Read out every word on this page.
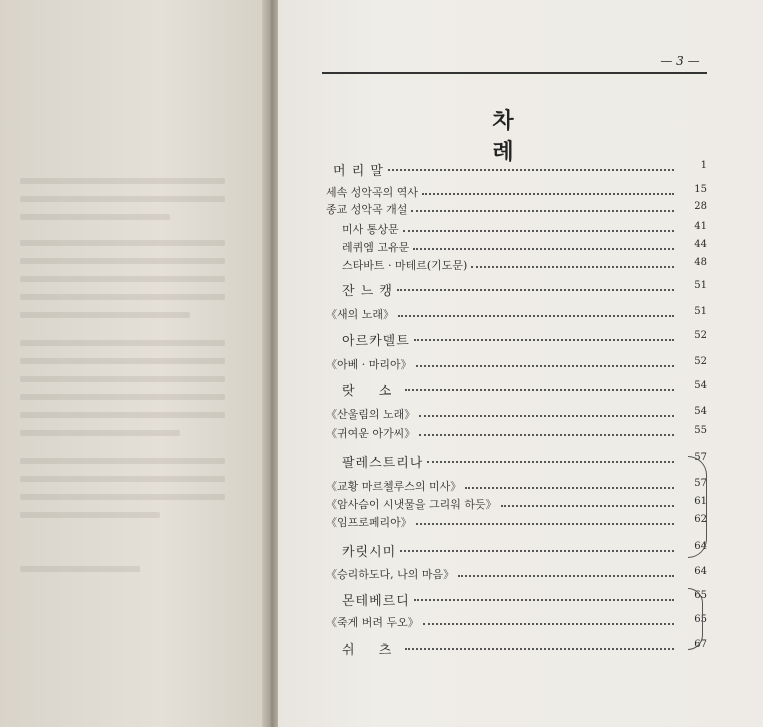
— 3 —
차 례
머 리 말	1
세속 성악곡의 역사	15
종교 성악곡 개설	28
미사 통상문	41
레퀴엠 고유문	44
스타바트 · 마테르(기도문)	48
잔 느 캥	51
《새의 노래》	51
아르카델트	52
《아베 · 마리아》	52
랏 소	54
《산울림의 노래》	54
《귀여운 아가씨》	55
팔레스트리나	57
《교황 마르첼루스의 미사》	57
《암사슴이 시냇물을 그리워 하듯》	61
《임프로페리아》	62
카릿시미	64
《승리하도다, 나의 마음》	64
몬테베르디	65
《죽게 버려 두오》	65
쉬 츠	67
